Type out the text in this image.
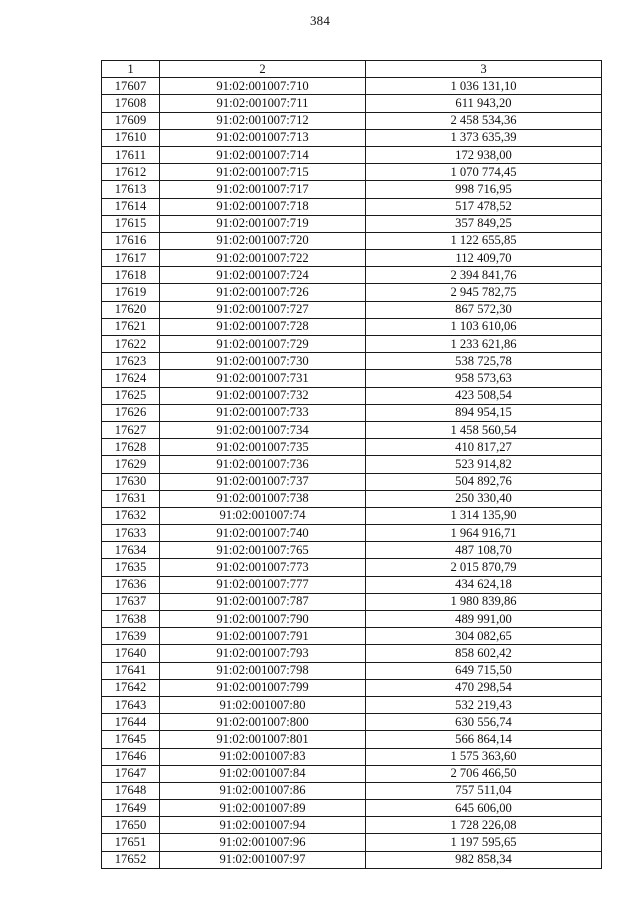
384
1	2	3
17607	91:02:001007:710	1 036 131,10
17608	91:02:001007:711	611 943,20
17609	91:02:001007:712	2 458 534,36
17610	91:02:001007:713	1 373 635,39
17611	91:02:001007:714	172 938,00
17612	91:02:001007:715	1 070 774,45
17613	91:02:001007:717	998 716,95
17614	91:02:001007:718	517 478,52
17615	91:02:001007:719	357 849,25
17616	91:02:001007:720	1 122 655,85
17617	91:02:001007:722	112 409,70
17618	91:02:001007:724	2 394 841,76
17619	91:02:001007:726	2 945 782,75
17620	91:02:001007:727	867 572,30
17621	91:02:001007:728	1 103 610,06
17622	91:02:001007:729	1 233 621,86
17623	91:02:001007:730	538 725,78
17624	91:02:001007:731	958 573,63
17625	91:02:001007:732	423 508,54
17626	91:02:001007:733	894 954,15
17627	91:02:001007:734	1 458 560,54
17628	91:02:001007:735	410 817,27
17629	91:02:001007:736	523 914,82
17630	91:02:001007:737	504 892,76
17631	91:02:001007:738	250 330,40
17632	91:02:001007:74	1 314 135,90
17633	91:02:001007:740	1 964 916,71
17634	91:02:001007:765	487 108,70
17635	91:02:001007:773	2 015 870,79
17636	91:02:001007:777	434 624,18
17637	91:02:001007:787	1 980 839,86
17638	91:02:001007:790	489 991,00
17639	91:02:001007:791	304 082,65
17640	91:02:001007:793	858 602,42
17641	91:02:001007:798	649 715,50
17642	91:02:001007:799	470 298,54
17643	91:02:001007:80	532 219,43
17644	91:02:001007:800	630 556,74
17645	91:02:001007:801	566 864,14
17646	91:02:001007:83	1 575 363,60
17647	91:02:001007:84	2 706 466,50
17648	91:02:001007:86	757 511,04
17649	91:02:001007:89	645 606,00
17650	91:02:001007:94	1 728 226,08
17651	91:02:001007:96	1 197 595,65
17652	91:02:001007:97	982 858,34
